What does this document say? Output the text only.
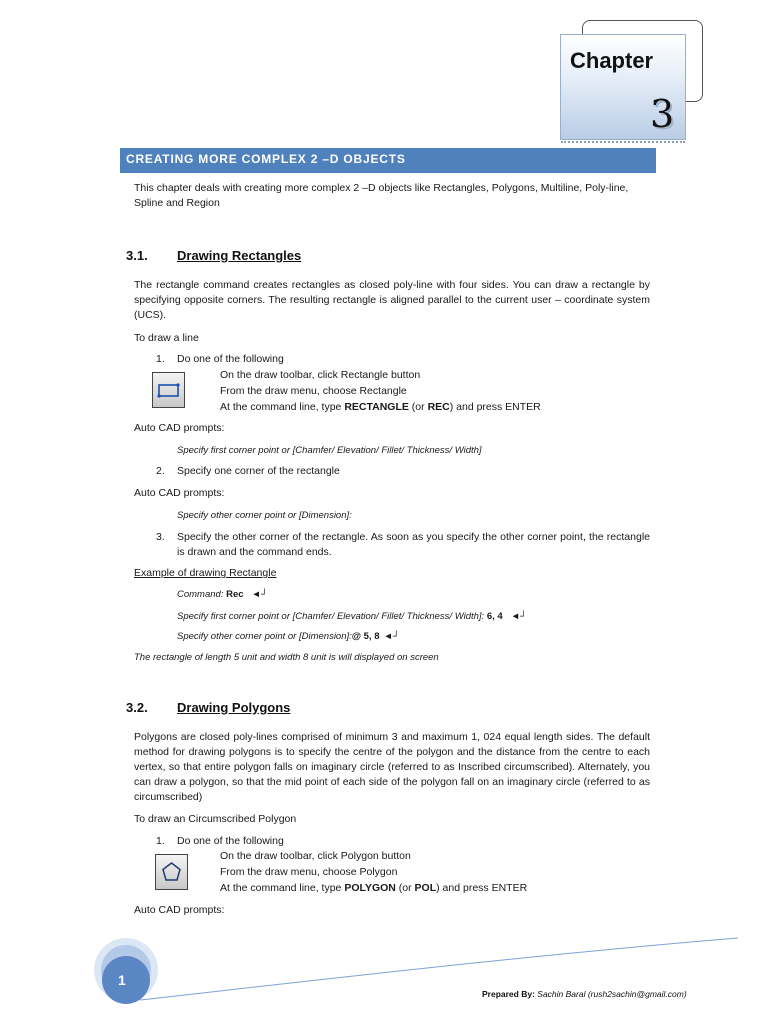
Chapter
3
CREATING MORE COMPLEX 2 –D OBJECTS
This chapter deals with creating more complex 2 –D objects like Rectangles, Polygons, Multiline, Poly-line, Spline and Region
3.1. Drawing Rectangles
The rectangle command creates rectangles as closed poly-line with four sides. You can draw a rectangle by specifying opposite corners. The resulting rectangle is aligned parallel to the current user – coordinate system (UCS).
To draw a line
1. Do one of the following
On the draw toolbar, click Rectangle button
From the draw menu, choose Rectangle
At the command line, type RECTANGLE (or REC) and press ENTER
Auto CAD prompts:
Specify first corner point or [Chamfer/ Elevation/ Fillet/ Thickness/ Width]
2. Specify one corner of the rectangle
Auto CAD prompts:
Specify other corner point or [Dimension]:
3. Specify the other corner of the rectangle. As soon as you specify the other corner point, the rectangle is drawn and the command ends.
Example of drawing Rectangle
Command: Rec ◄┘
Specify first corner point or [Chamfer/ Elevation/ Fillet/ Thickness/ Width]: 6, 4 ◄┘
Specify other corner point or [Dimension]:@ 5, 8 ◄┘
The rectangle of length 5 unit and width 8 unit is will displayed on screen
3.2. Drawing Polygons
Polygons are closed poly-lines comprised of minimum 3 and maximum 1, 024 equal length sides. The default method for drawing polygons is to specify the centre of the polygon and the distance from the centre to each vertex, so that entire polygon falls on imaginary circle (referred to as Inscribed circumscribed). Alternately, you can draw a polygon, so that the mid point of each side of the polygon fall on an imaginary circle (referred to as circumscribed)
To draw an Circumscribed Polygon
1. Do one of the following
On the draw toolbar, click Polygon button
From the draw menu, choose Polygon
At the command line, type POLYGON (or POL) and press ENTER
Auto CAD prompts:
1
Prepared By: Sachin Baral (rush2sachin@gmail.com)
